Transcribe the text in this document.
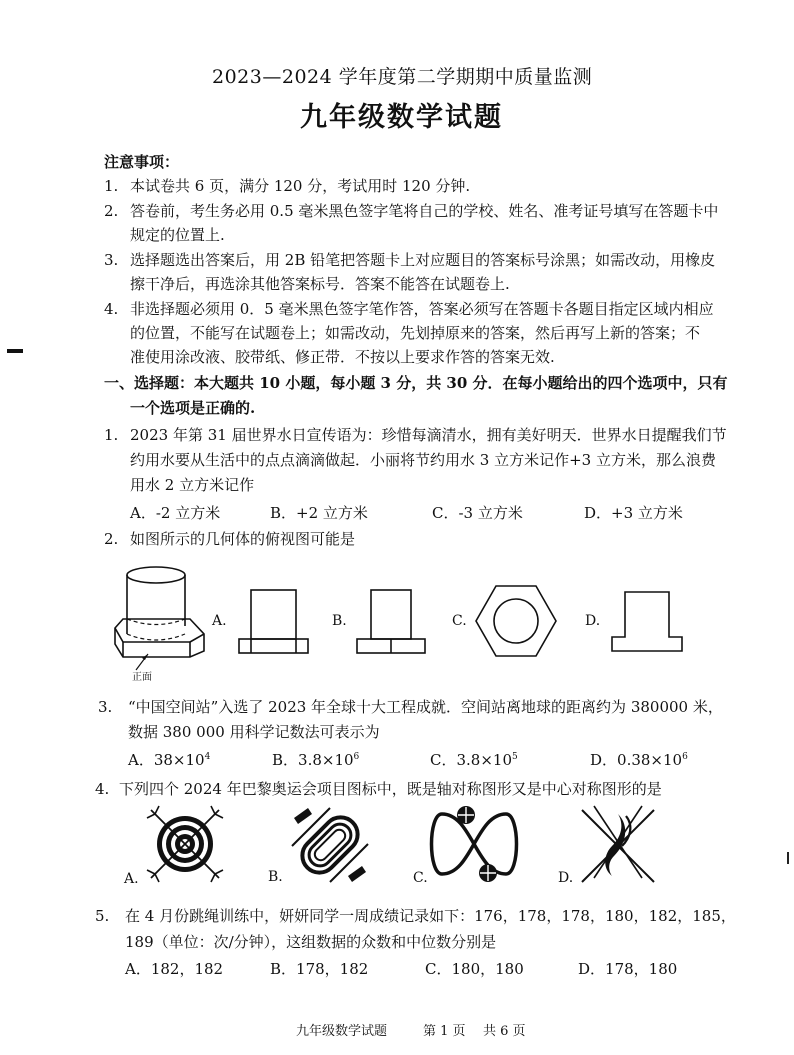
2023—2024 学年度第二学期期中质量监测
九年级数学试题
注意事项：
1. 本试卷共 6 页，满分 120 分，考试用时 120 分钟.
2. 答卷前，考生务必用 0.5 毫米黑色签字笔将自己的学校、姓名、准考证号填写在答题卡中
规定的位置上.
3. 选择题选出答案后，用 2B 铅笔把答题卡上对应题目的答案标号涂黑；如需改动，用橡皮
擦干净后，再选涂其他答案标号．答案不能答在试题卷上.
4. 非选择题必须用 0．5 毫米黑色签字笔作答，答案必须写在答题卡各题目指定区域内相应
的位置，不能写在试题卷上；如需改动，先划掉原来的答案，然后再写上新的答案；不
准使用涂改液、胶带纸、修正带．不按以上要求作答的答案无效.
一、选择题：本大题共 10 小题，每小题 3 分，共 30 分．在每小题给出的四个选项中，只有
一个选项是正确的.
1. 2023 年第 31 届世界水日宣传语为：珍惜每滴清水，拥有美好明天．世界水日提醒我们节
约用水要从生活中的点点滴滴做起．小丽将节约用水 3 立方米记作+3 立方米，那么浪费
用水 2 立方米记作
A．-2 立方米	B．+2 立方米	C．-3 立方米	D．+3 立方米
2. 如图所示的几何体的俯视图可能是
正面
A.	B.	C.	D.
3. “中国空间站”入选了 2023 年全球十大工程成就．空间站离地球的距离约为 380000 米，
数据 380 000 用科学记数法可表示为
A．$38\times 10^4$	B．$3.8\times 10^6$	C．$3.8\times 10^5$	D．$0.38\times 10^6$
4. 下列四个 2024 年巴黎奥运会项目图标中，既是轴对称图形又是中心对称图形的是
A.	B.	C.	D.
5. 在 4 月份跳绳训练中，妍妍同学一周成绩记录如下：176，178，178，180，182，185，
189（单位：次/分钟），这组数据的众数和中位数分别是
A．182，182	B．178，182	C．180，180	D．178，180
九年级数学试题	第 1 页 共 6 页
